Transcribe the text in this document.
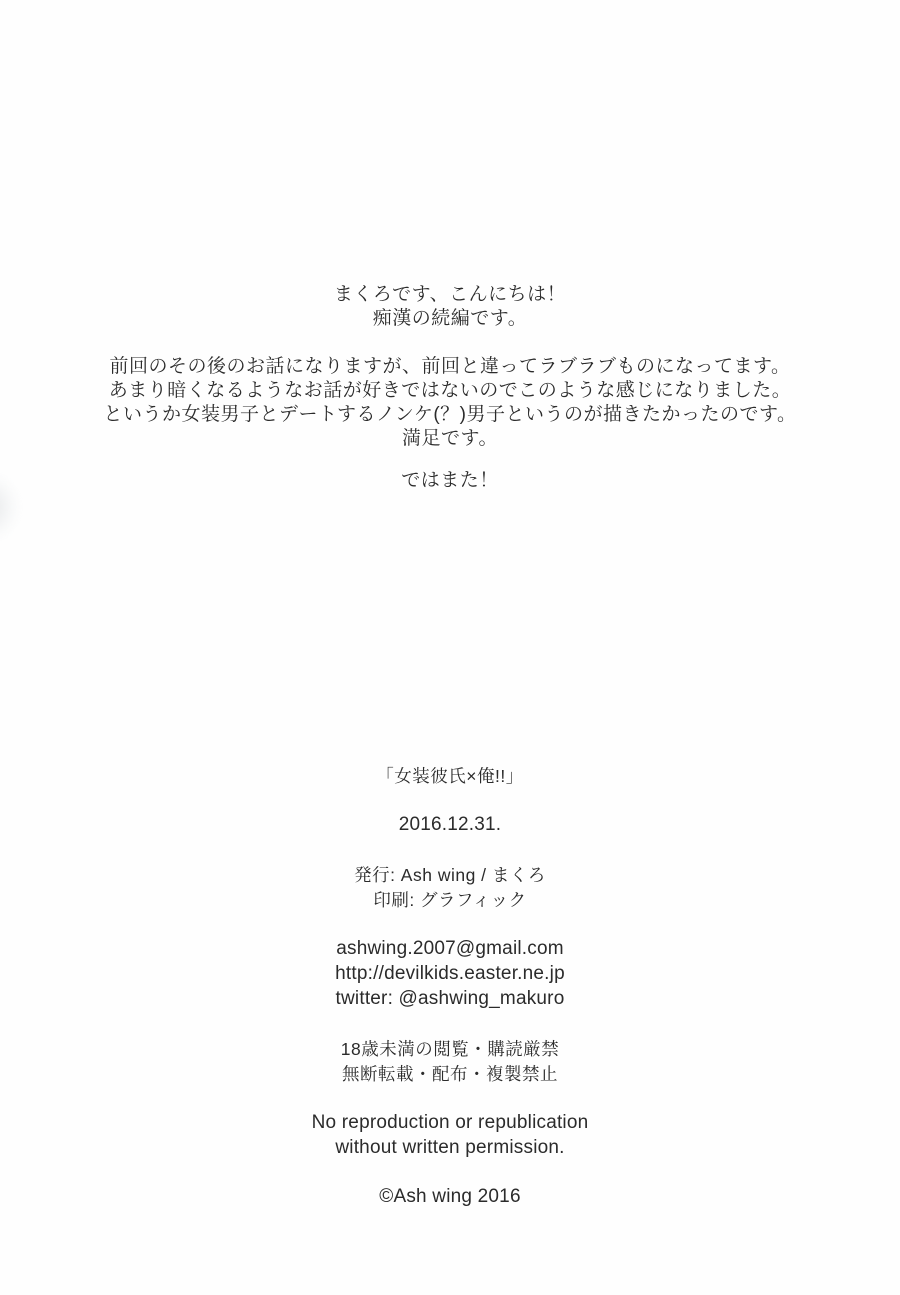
まくろです、こんにちは！
痴漢の続編です。
前回のその後のお話になりますが、前回と違ってラブラブものになってます。
あまり暗くなるようなお話が好きではないのでこのような感じになりました。
というか女装男子とデートするノンケ(？)男子というのが描きたかったのです。
満足です。
ではまた！
「女装彼氏×俺!!」
2016.12.31.
発行: Ash wing / まくろ
印刷: グラフィック
ashwing.2007@gmail.com
http://devilkids.easter.ne.jp
twitter: @ashwing_makuro
18歳未満の閲覧・購読厳禁
無断転載・配布・複製禁止
No reproduction or republication
without written permission.
©Ash wing 2016
